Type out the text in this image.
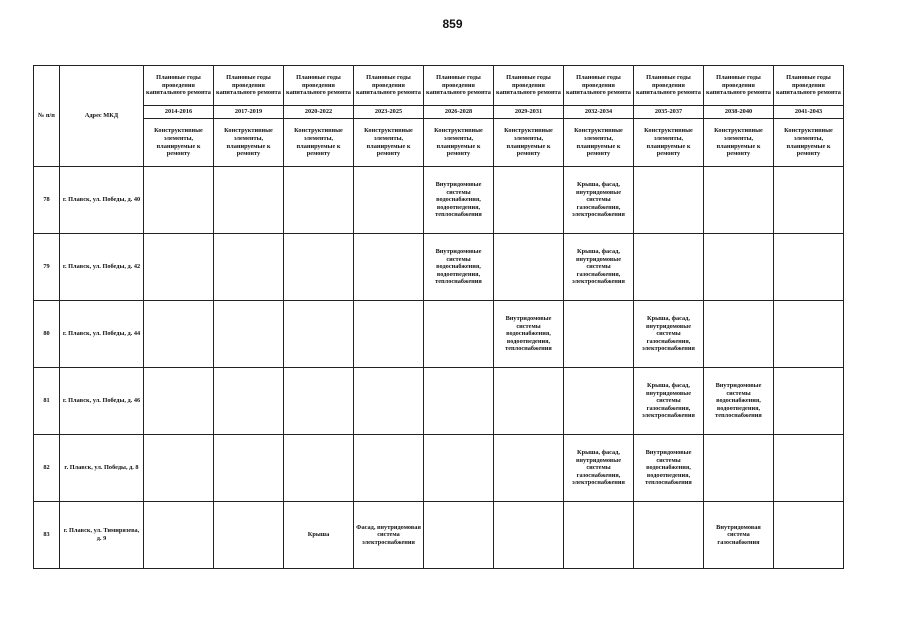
859
№ п/п	Адрес МКД	Плановые годы проведения капитального ремонта	Плановые годы проведения капитального ремонта	Плановые годы проведения капитального ремонта	Плановые годы проведения капитального ремонта	Плановые годы проведения капитального ремонта	Плановые годы проведения капитального ремонта	Плановые годы проведения капитального ремонта	Плановые годы проведения капитального ремонта	Плановые годы проведения капитального ремонта	Плановые годы проведения капитального ремонта
		2014-2016	2017-2019	2020-2022	2023-2025	2026-2028	2029-2031	2032-2034	2035-2037	2038-2040	2041-2043
		Конструктивные элементы, планируемые к ремонту	Конструктивные элементы, планируемые к ремонту	Конструктивные элементы, планируемые к ремонту	Конструктивные элементы, планируемые к ремонту	Конструктивные элементы, планируемые к ремонту	Конструктивные элементы, планируемые к ремонту	Конструктивные элементы, планируемые к ремонту	Конструктивные элементы, планируемые к ремонту	Конструктивные элементы, планируемые к ремонту	Конструктивные элементы, планируемые к ремонту
78	г. Плавск, ул. Победы, д. 40					Внутридомовые системы водоснабжения, водоотведения, теплоснабжения		Крыша, фасад, внутридомовые системы газоснабжения, электроснабжения			
79	г. Плавск, ул. Победы, д. 42					Внутридомовые системы водоснабжения, водоотведения, теплоснабжения		Крыша, фасад, внутридомовые системы газоснабжения, электроснабжения			
80	г. Плавск, ул. Победы, д. 44						Внутридомовые системы водоснабжения, водоотведения, теплоснабжения		Крыша, фасад, внутридомовые системы газоснабжения, электроснабжения		
81	г. Плавск, ул. Победы, д. 46								Крыша, фасад, внутридомовые системы газоснабжения, электроснабжения	Внутридомовые системы водоснабжения, водоотведения, теплоснабжения	
82	г. Плавск, ул. Победы, д. 8							Крыша, фасад, внутридомовые системы газоснабжения, электроснабжения	Внутридомовые системы водоснабжения, водоотведения, теплоснабжения		
83	г. Плавск, ул. Тимирязева, д. 9			Крыша	Фасад, внутридомовая система электроснабжения					Внутридомовая система газоснабжения	
